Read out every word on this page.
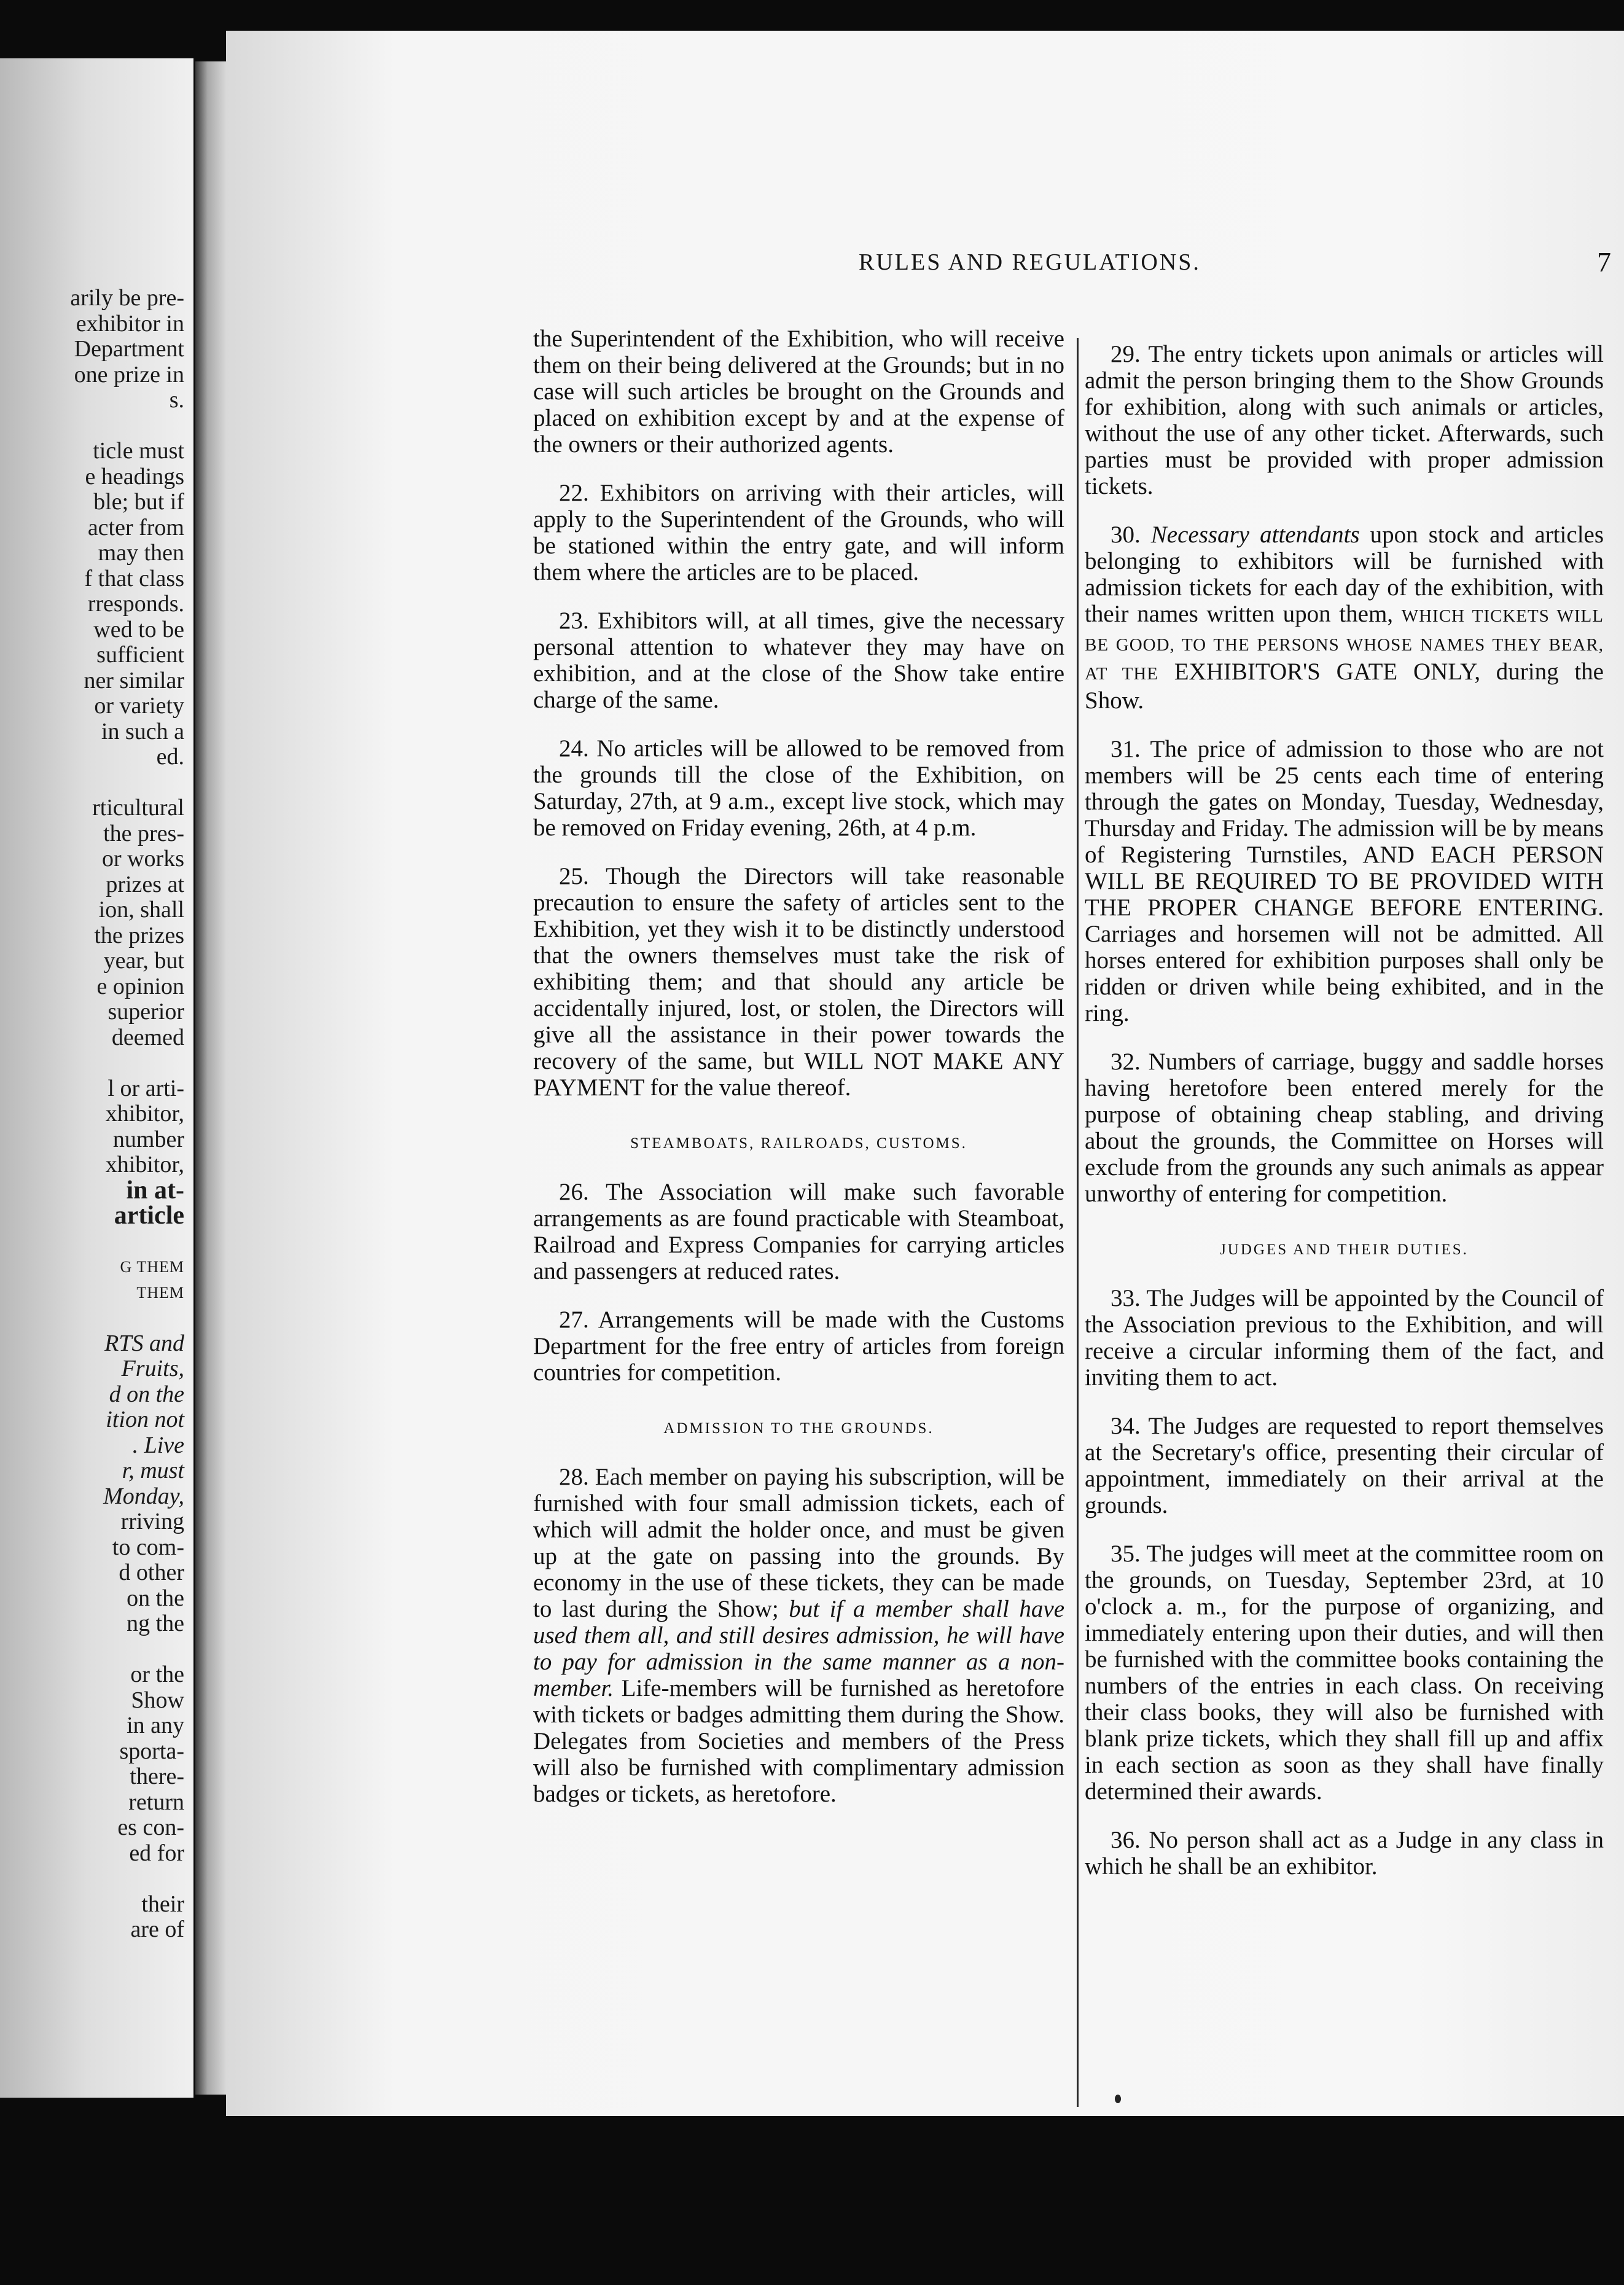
arily be pre-
exhibitor in
Department
one prize in
s.
ticle must
e headings
ble; but if
acter from
may then
f that class
rresponds.
wed to be
sufficient
ner similar
or variety
in such a
ed.
rticultural
the pres-
or works
prizes at
ion, shall
the prizes
year, but
e opinion
superior
deemed
l or arti-
xhibitor,
number
xhibitor,
in at-
article
G THEM
THEM
RTS and
Fruits,
d on the
ition not
. Live
r, must
Monday,
rriving
to com-
d other
on the
ng the
or the
Show
in any
sporta-
there-
return
es con-
ed for
their
are of
RULES AND REGULATIONS.	7

the Superintendent of the Exhibition, who will receive them on their being delivered at the Grounds; but in no case will such articles be brought on the Grounds and placed on exhibition except by and at the expense of the owners or their authorized agents.

22. Exhibitors on arriving with their articles, will apply to the Superintendent of the Grounds, who will be stationed within the entry gate, and will inform them where the articles are to be placed.

23. Exhibitors will, at all times, give the necessary personal attention to whatever they may have on exhibition, and at the close of the Show take entire charge of the same.

24. No articles will be allowed to be removed from the grounds till the close of the Exhibition, on Saturday, 27th, at 9 a.m., except live stock, which may be removed on Friday evening, 26th, at 4 p.m.

25. Though the Directors will take reasonable precaution to ensure the safety of articles sent to the Exhibition, yet they wish it to be distinctly understood that the owners themselves must take the risk of exhibiting them; and that should any article be accidentally injured, lost, or stolen, the Directors will give all the assistance in their power towards the recovery of the same, but WILL NOT MAKE ANY PAYMENT for the value thereof.

STEAMBOATS, RAILROADS, CUSTOMS.

26. The Association will make such favorable arrangements as are found practicable with Steamboat, Railroad and Express Companies for carrying articles and passengers at reduced rates.

27. Arrangements will be made with the Customs Department for the free entry of articles from foreign countries for competition.

ADMISSION TO THE GROUNDS.

28. Each member on paying his subscription, will be furnished with four small admission tickets, each of which will admit the holder once, and must be given up at the gate on passing into the grounds. By economy in the use of these tickets, they can be made to last during the Show; but if a member shall have used them all, and still desires admission, he will have to pay for admission in the same manner as a non-member. Life-members will be furnished as heretofore with tickets or badges admitting them during the Show. Delegates from Societies and members of the Press will also be furnished with complimentary admission badges or tickets, as heretofore.

29. The entry tickets upon animals or articles will admit the person bringing them to the Show Grounds for exhibition, along with such animals or articles, without the use of any other ticket. Afterwards, such parties must be provided with proper admission tickets.

30. Necessary attendants upon stock and articles belonging to exhibitors will be furnished with admission tickets for each day of the exhibition, with their names written upon them, WHICH TICKETS WILL BE GOOD, TO THE PERSONS WHOSE NAMES THEY BEAR, AT THE EXHIBITOR'S GATE ONLY, during the Show.

31. The price of admission to those who are not members will be 25 cents each time of entering through the gates on Monday, Tuesday, Wednesday, Thursday and Friday. The admission will be by means of Registering Turnstiles, AND EACH PERSON WILL BE REQUIRED TO BE PROVIDED WITH THE PROPER CHANGE BEFORE ENTERING. Carriages and horsemen will not be admitted. All horses entered for exhibition purposes shall only be ridden or driven while being exhibited, and in the ring.

32. Numbers of carriage, buggy and saddle horses having heretofore been entered merely for the purpose of obtaining cheap stabling, and driving about the grounds, the Committee on Horses will exclude from the grounds any such animals as appear unworthy of entering for competition.

JUDGES AND THEIR DUTIES.

33. The Judges will be appointed by the Council of the Association previous to the Exhibition, and will receive a circular informing them of the fact, and inviting them to act.

34. The Judges are requested to report themselves at the Secretary's office, presenting their circular of appointment, immediately on their arrival at the grounds.

35. The judges will meet at the committee room on the grounds, on Tuesday, September 23rd, at 10 o'clock a. m., for the purpose of organizing, and immediately entering upon their duties, and will then be furnished with the committee books containing the numbers of the entries in each class. On receiving their class books, they will also be furnished with blank prize tickets, which they shall fill up and affix in each section as soon as they shall have finally determined their awards.

36. No person shall act as a Judge in any class in which he shall be an exhibitor.
